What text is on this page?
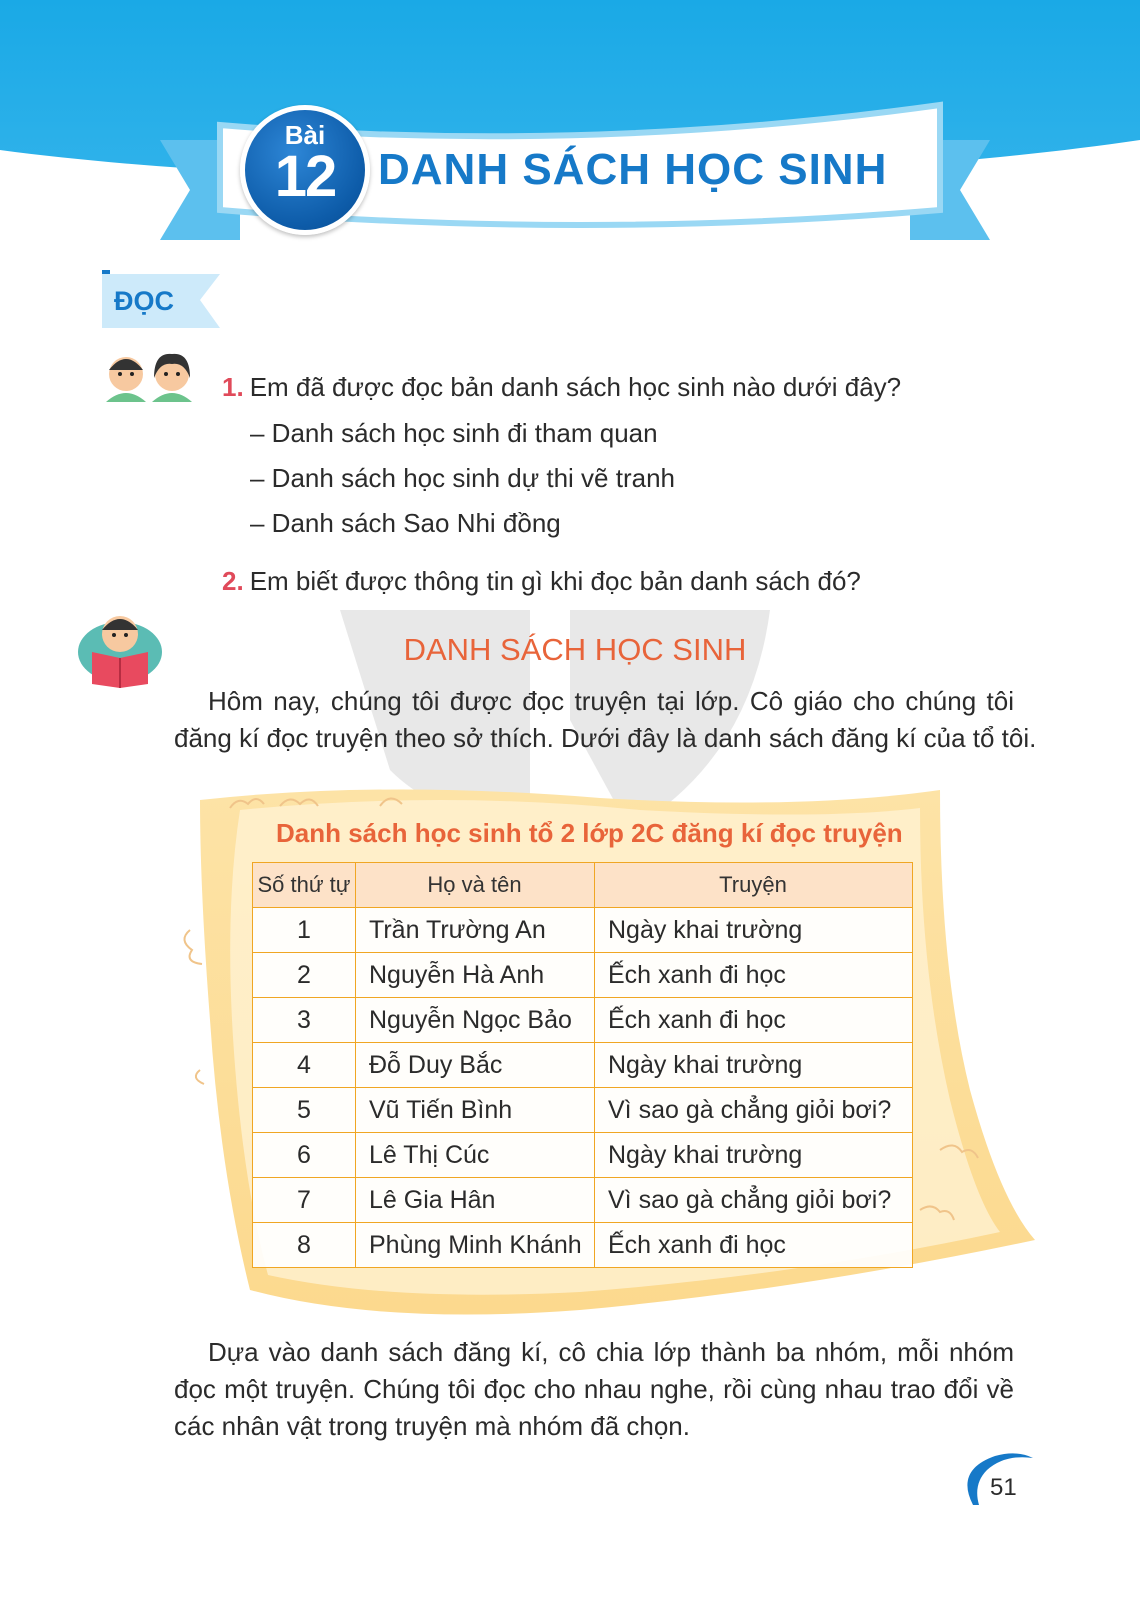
Bài
12 DANH SÁCH HỌC SINH
ĐỌC
1. Em đã được đọc bản danh sách học sinh nào dưới đây?
– Danh sách học sinh đi tham quan
– Danh sách học sinh dự thi vẽ tranh
– Danh sách Sao Nhi đồng
2. Em biết được thông tin gì khi đọc bản danh sách đó?
DANH SÁCH HỌC SINH
Hôm nay, chúng tôi được đọc truyện tại lớp. Cô giáo cho chúng tôi
đăng kí đọc truyện theo sở thích. Dưới đây là danh sách đăng kí của tổ tôi.
Danh sách học sinh tổ 2 lớp 2C đăng kí đọc truyện
Số thứ tự	Họ và tên	Truyện
1	Trần Trường An	Ngày khai trường
2	Nguyễn Hà Anh	Ếch xanh đi học
3	Nguyễn Ngọc Bảo	Ếch xanh đi học
4	Đỗ Duy Bắc	Ngày khai trường
5	Vũ Tiến Bình	Vì sao gà chẳng giỏi bơi?
6	Lê Thị Cúc	Ngày khai trường
7	Lê Gia Hân	Vì sao gà chẳng giỏi bơi?
8	Phùng Minh Khánh	Ếch xanh đi học
Dựa vào danh sách đăng kí, cô chia lớp thành ba nhóm, mỗi nhóm
đọc một truyện. Chúng tôi đọc cho nhau nghe, rồi cùng nhau trao đổi về
các nhân vật trong truyện mà nhóm đã chọn.
51
